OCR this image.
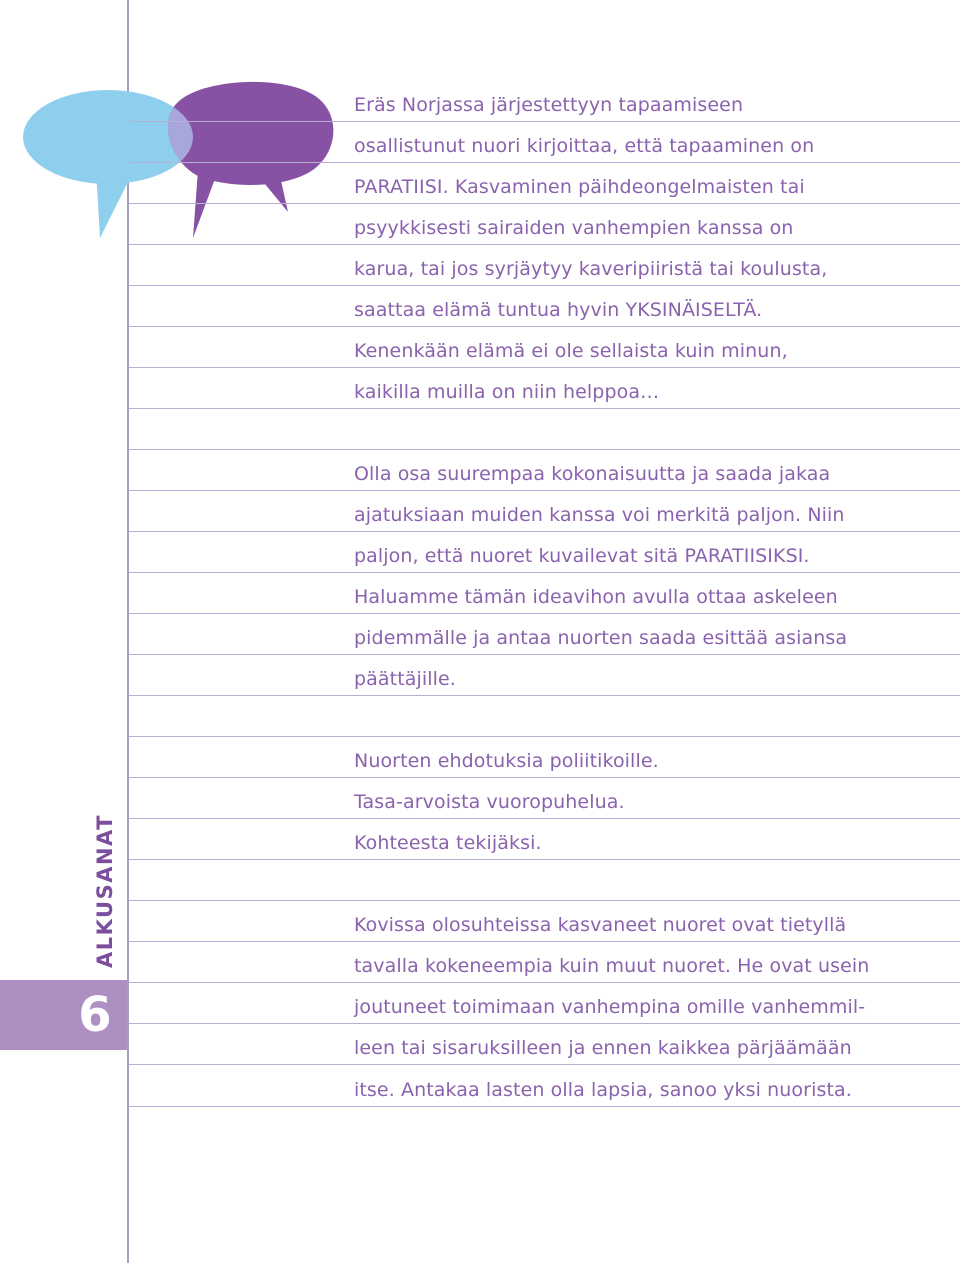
Eräs Norjassa järjestettyyn tapaamiseen
osallistunut nuori kirjoittaa, että tapaaminen on
PARATIISI. Kasvaminen päihdeongelmaisten tai
psyykkisesti sairaiden vanhempien kanssa on
karua, tai jos syrjäytyy kaveripiiristä tai koulusta,
saattaa elämä tuntua hyvin YKSINÄISELTÄ.
Kenenkään elämä ei ole sellaista kuin minun,
kaikilla muilla on niin helppoa…
Olla osa suurempaa kokonaisuutta ja saada jakaa
ajatuksiaan muiden kanssa voi merkitä paljon. Niin
paljon, että nuoret kuvailevat sitä PARATIISIKSI.
Haluamme tämän ideavihon avulla ottaa askeleen
pidemmälle ja antaa nuorten saada esittää asiansa
päättäjille.
Nuorten ehdotuksia poliitikoille.
Tasa-arvoista vuoropuhelua.
Kohteesta tekijäksi.
Kovissa olosuhteissa kasvaneet nuoret ovat tietyllä
tavalla kokeneempia kuin muut nuoret. He ovat usein
joutuneet toimimaan vanhempina omille vanhemmil-
leen tai sisaruksilleen ja ennen kaikkea pärjäämään
itse. Antakaa lasten olla lapsia, sanoo yksi nuorista.
6
ALKUSANAT
